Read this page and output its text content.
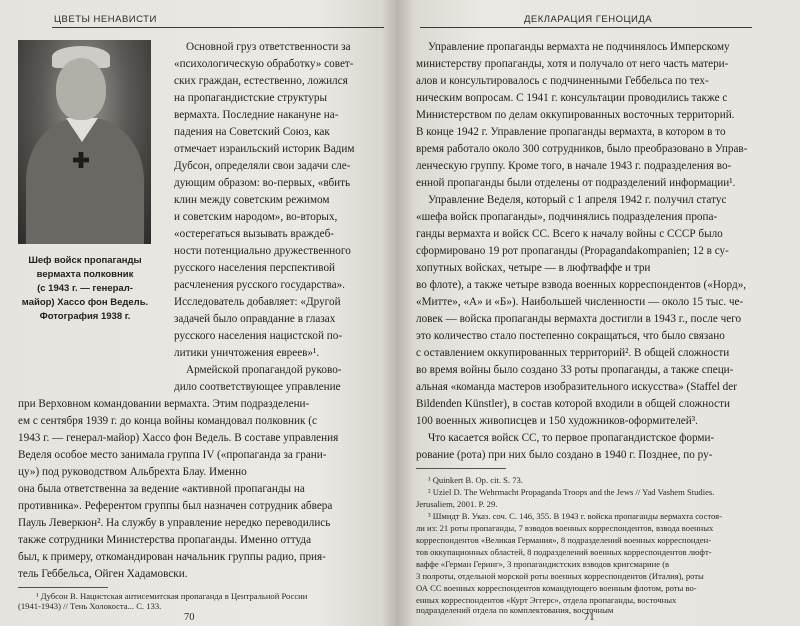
ЦВЕТЫ НЕНАВИСТИ
Шеф войск пропаганды
вермахта полковник
(с 1943 г. — генерал-
майор) Хассо фон Ведель.
Фотография 1938 г.
Основной груз ответственности за
«психологическую обработку» совет-
ских граждан, естественно, ложился
на пропагандистские структуры
вермахта. Последние накануне на-
падения на Советский Союз, как
отмечает израильский историк Вадим
Дубсон, определяли свои задачи сле-
дующим образом: во-первых, «вбить
клин между советским режимом
и советским народом», во-вторых,
«остерегаться вызывать враждеб-
ности потенциально дружественного
русского населения перспективой
расчленения русского государства».
Исследователь добавляет: «Другой
задачей было оправдание в глазах
русского населения нацистской по-
литики уничтожения евреев»¹.
Армейской пропагандой руково-
дило соответствующее управление
при Верховном командовании вермахта. Этим подразделени-
ем с сентября 1939 г. до конца войны командовал полковник (с
1943 г. — генерал-майор) Хассо фон Ведель. В составе управления
Веделя особое место занимала группа IV («пропаганда за грани-
цу») под руководством Альбрехта Блау. Именно
она была ответственна за ведение «активной пропаганды на
противника». Референтом группы был назначен сотрудник абвера
Пауль Леверкюн². На службу в управление нередко переводились
также сотрудники Министерства пропаганды. Именно оттуда
был, к примеру, откомандирован начальник группы радио, прия-
тель Геббельса, Ойген Хадамовски.
¹ Дубсон В. Нацистская антисемитская пропаганда в Центральной России
(1941-1943) // Тень Холокоста... С. 133.
70
ДЕКЛАРАЦИЯ ГЕНОЦИДА
Управление пропаганды вермахта не подчинялось Имперскому
министерству пропаганды, хотя и получало от него часть матери-
алов и консультировалось с подчиненными Геббельса по тех-
ническим вопросам. С 1941 г. консультации проводились также с
Министерством по делам оккупированных восточных территорий.
В конце 1942 г. Управление пропаганды вермахта, в котором в то
время работало около 300 сотрудников, было преобразовано в Управ-
ленческую группу. Кроме того, в начале 1943 г. подразделения во-
енной пропаганды были отделены от подразделений информации¹.
Управление Веделя, который с 1 апреля 1942 г. получил статус
«шефа войск пропаганды», подчинялись подразделения пропа-
ганды вермахта и войск СС. Всего к началу войны с СССР было
сформировано 19 рот пропаганды (Propagandakompanien; 12 в су-
хопутных войсках, четыре — в люфтваффе и три
во флоте), а также четыре взвода военных корреспондентов («Норд»,
«Митте», «А» и «Б»). Наибольшей численности — около 15 тыс. че-
ловек — войска пропаганды вермахта достигли в 1943 г., после чего
это количество стало постепенно сокращаться, что было связано
с оставлением оккупированных территорий². В общей сложности
во время войны было создано 33 роты пропаганды, а также специ-
альная «команда мастеров изобразительного искусства» (Staffel der
Bildenden Künstler), в состав которой входили в общей сложности
100 военных живописцев и 150 художников-оформителей³.
Что касается войск СС, то первое пропагандистское форми-
рование (рота) при них было создано в 1940 г. Позднее, по ру-
¹ Quinkert B. Op. cit. S. 73.
² Uziel D. The Wehrmacht Propaganda Troops and the Jews // Yad Vashem Studies.
Jerusaliem, 2001. P. 29.
³ Шмидт В. Указ. соч. С. 146, 355. В 1943 г. войска пропаганды вермахта состоя-
ли из: 21 роты пропаганды, 7 взводов военных корреспондентов, взвода военных
корреспондентов «Великая Германия», 8 подразделений военных корреспонден-
тов оккупационных областей, 8 подразделений военных корреспондентов люфт-
ваффе «Герман Геринг», 3 пропагандистских взводов кригсмарине (в
3 полроты, отдельной морской роты военных корреспондентов (Италия), роты
ОА СС военных корреспондентов командующего военным флотом, роты во-
енных корреспондентов «Курт Эггерс», отдела пропаганды, восточных
подразделений отдела по комплектования, восточным
71
